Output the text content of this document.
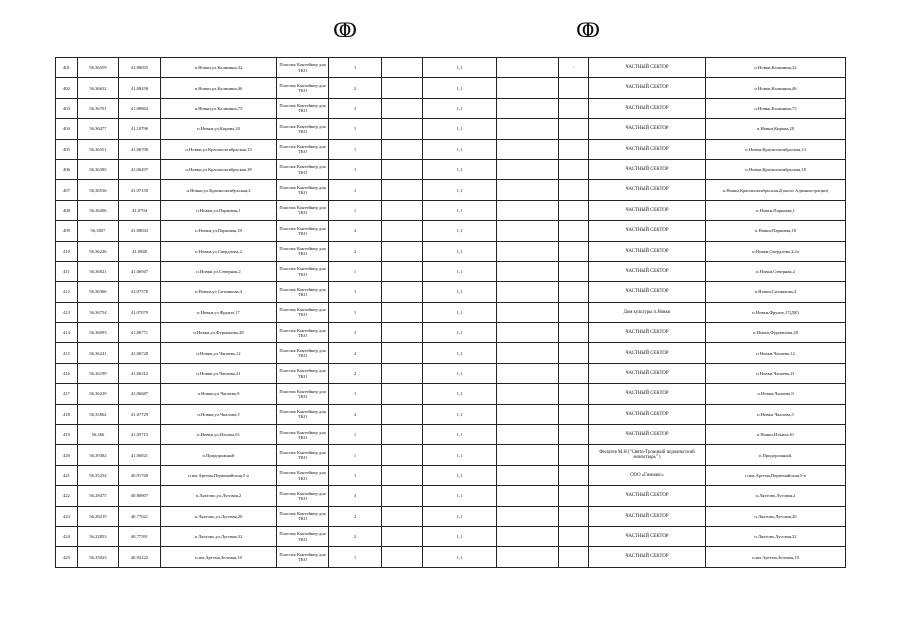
ↂ	ↂ
401	56,36559	41,08055	п.Новки,ул.Калинина,32	Пластик Контейнер для ТКО	1		1,1		-	ЧАСТНЫЙ СЕКТОР	п.Новки,Калинина,32
402	56,36632	41,08458	п.Новки,ул.Калинина,46	Пластик Контейнер для ТКО	2		1,1			ЧАСТНЫЙ СЕКТОР	п.Новки,Калинина,46
403	56,36701	41,08864	п.Новки,ул.Калинина,75	Пластик Контейнер для ТКО	1		1,1			ЧАСТНЫЙ СЕКТОР	п.Новки,Калинина,75
404	56,36477	41,10796	п.Новки,ул.Кирова,20	Пластик Контейнер для ТКО	1		1,1			ЧАСТНЫЙ СЕКТОР	п.Новки,Кирова,20
405	56,36551	41,06708	п.Новки,ул.Краснооктябрьская,13	Пластик Контейнер для ТКО	1		1,1			ЧАСТНЫЙ СЕКТОР	п.Новки,Краснооктябрьская,13
406	56,36385	41,06497	п.Новки,ул.Краснооктябрьская,18	Пластик Контейнер для ТКО	1		1,1			ЧАСТНЫЙ СЕКТОР	п.Новки,Краснооктябрьская,18
407	56,36536	41,07158	п.Новки,ул.Краснооктябрьская,2	Пластик Контейнер для ТКО	1		1,1			ЧАСТНЫЙ СЕКТОР	п.Новки,Краснооктябрьская,2(около Администрации)
408	56,36206	41,0794	п.Новки,ул.Парковая,1	Пластик Контейнер для ТКО	1		1,1			ЧАСТНЫЙ СЕКТОР	п.Новки,Парковая,1
409	56,3607	41,08043	п.Новки,ул.Парковая,18	Пластик Контейнер для ТКО	2		1,1			ЧАСТНЫЙ СЕКТОР	п.Новки,Парковая,18
410	56,36226	41,0848	п.Новки,ул.Свердлова,2	Пластик Контейнер для ТКО	2		1,1			ЧАСТНЫЙ СЕКТОР	п.Новки,Свердлова,2,2а
411	56,36821	41,06947	п.Новки,ул.Северная,2	Пластик Контейнер для ТКО	1		1,1			ЧАСТНЫЙ СЕКТОР	п.Новки,Северная,2
412	56,36366	41,07578	п.Новки,ул.Ситникова,4	Пластик Контейнер для ТКО	1		1,1			ЧАСТНЫЙ СЕКТОР	п.Новки,Ситникова,4
413	56,36754	41,07079	п.Новки,ул.Фрунзе,17	Пластик Контейнер для ТКО	1		1,1			Дом культуры п.Новки	п.Новки,Фрунзе,17(ДК)
414	56,36093	41,06771	п.Новки,ул.Фурманова,28	Пластик Контейнер для ТКО	1		1,1			ЧАСТНЫЙ СЕКТОР	п.Новки,Фурманова,28
415	56,36241	41,06728	п.Новки,ул.Чапаева,12	Пластик Контейнер для ТКО	2		1,1			ЧАСТНЫЙ СЕКТОР	п.Новки,Чапаева,12
416	56,36199	41,06312	п.Новки,ул.Чапаева,21	Пластик Контейнер для ТКО	2		1,1			ЧАСТНЫЙ СЕКТОР	п.Новки,Чапаева,21
417	56,36229	41,06687	п.Новки,ул.Чапаева,9	Пластик Контейнер для ТКО	1		1,1			ЧАСТНЫЙ СЕКТОР	п.Новки,Чапаева,9
418	56,35862	41,07729	п.Новки,ул.Чкалова,5	Пластик Контейнер для ТКО	2		1,1			ЧАСТНЫЙ СЕКТОР	п.Новки,Чкалова,5
419	56,366	41,05713	п.Новки,ул.Ильича,61	Пластик Контейнер для ТКО	1		1,1			ЧАСТНЫЙ СЕКТОР	п.Новки,Ильича,61
420	56,39382	41,06821	п.Придорожный	Пластик Контейнер для ТКО	1		1,1			Филатов М.Н ("Свято-Троицкий подчаньгский монастырь" )	п.Придорожный,
421	56,35254	40,91768	п.им.Артема,Первомайская,5-а	Пластик Контейнер для ТКО	1		1,1			ООО «Гимнакс»	п.им.Артема,Первомайская,5-а
422	56,28475	40,80807	п.Ляхтово,ул.Луговая,2	Пластик Контейнер для ТКО	3		1,1			ЧАСТНЫЙ СЕКТОР	п.Ляхтово,Луговая,2
423	56,28219	40,77621	п.Ляхтово,ул.Луговая,20	Пластик Контейнер для ТКО	2		1,1			ЧАСТНЫЙ СЕКТОР	п.Ляхтово,Луговая,20
424	56,22853	40,77591	п.Ляхтово,ул.Луговая,32	Пластик Контейнер для ТКО	2		1,1			ЧАСТНЫЙ СЕКТОР	п.Ляхтово,Луговая,32
425	56,35023	40,92222	п.им.Артема,Зеленая,10	Пластик Контейнер для ТКО	1		1,1			ЧАСТНЫЙ СЕКТОР	п.им.Артема,Зеленая,10
